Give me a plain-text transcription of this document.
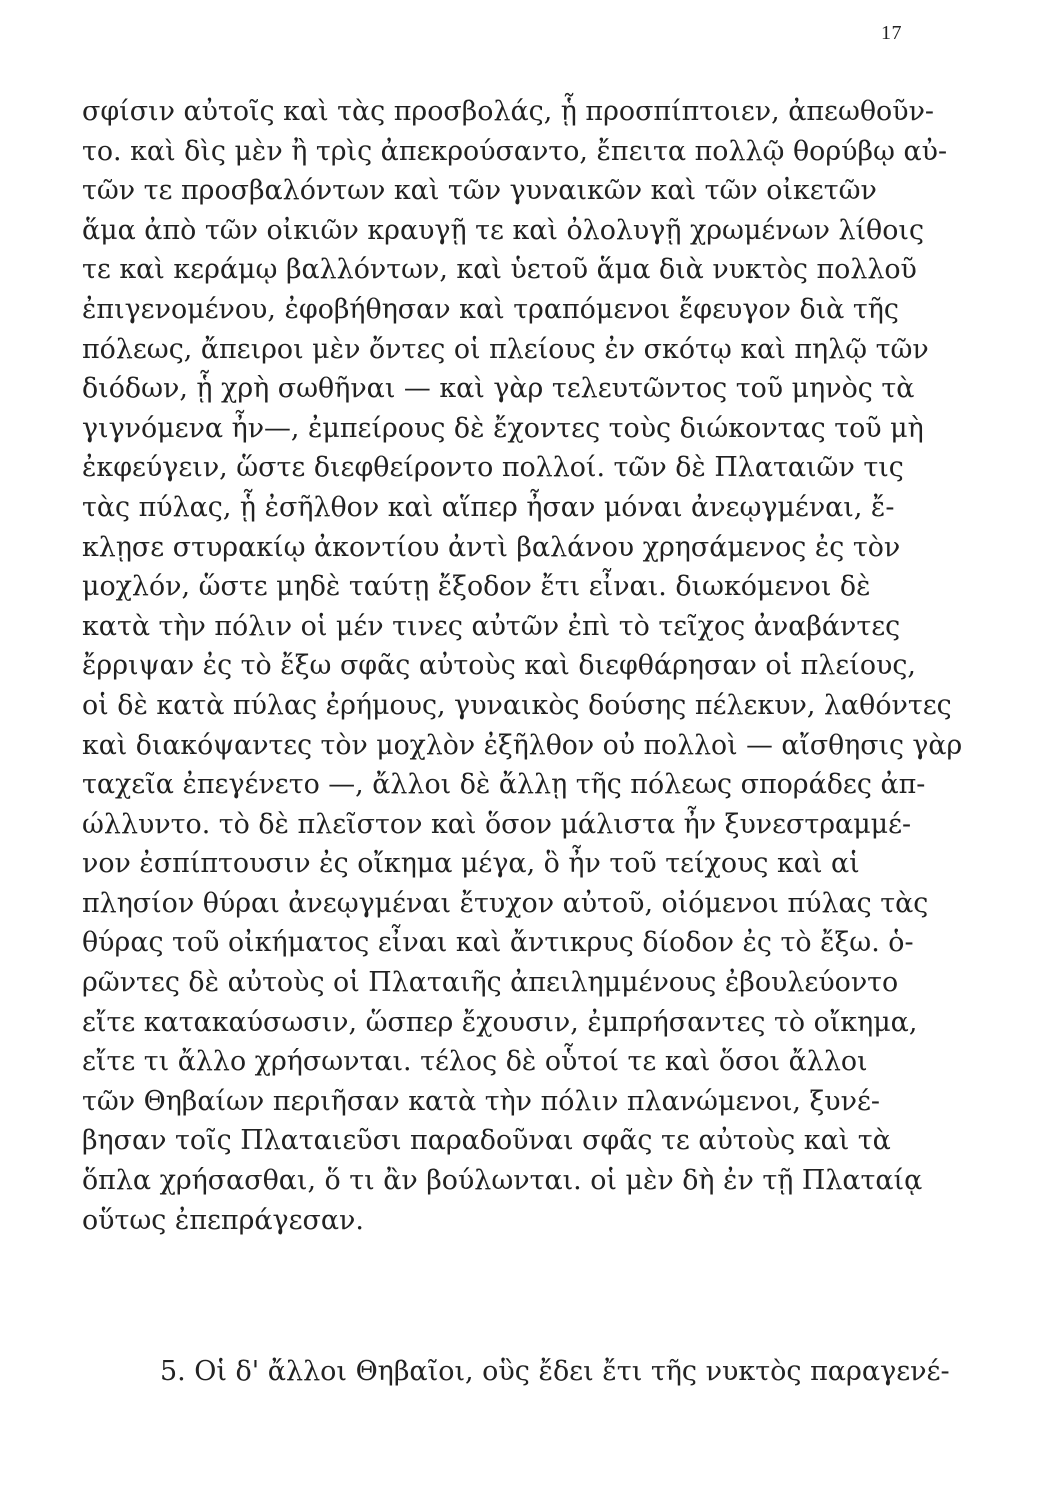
17
σφίσιν αὐτοῖς καὶ τὰς προσβολάς, ᾗ προσπίπτοιεν, ἀπεωθοῦν-
το. καὶ δὶς μὲν ἢ τρὶς ἀπεκρούσαντο, ἔπειτα πολλῷ θορύβῳ αὐ-
τῶν τε προσβαλόντων καὶ τῶν γυναικῶν καὶ τῶν οἰκετῶν
ἅμα ἀπὸ τῶν οἰκιῶν κραυγῇ τε καὶ ὀλολυγῇ χρωμένων λίθοις
τε καὶ κεράμῳ βαλλόντων, καὶ ὑετοῦ ἅμα διὰ νυκτὸς πολλοῦ
ἐπιγενομένου, ἐφοβήθησαν καὶ τραπόμενοι ἔφευγον διὰ τῆς
πόλεως, ἄπειροι μὲν ὄντες οἱ πλείους ἐν σκότῳ καὶ πηλῷ τῶν
διόδων, ᾗ χρὴ σωθῆναι — καὶ γὰρ τελευτῶντος τοῦ μηνὸς τὰ
γιγνόμενα ἦν—, ἐμπείρους δὲ ἔχοντες τοὺς διώκοντας τοῦ μὴ
ἐκφεύγειν, ὥστε διεφθείροντο πολλοί. τῶν δὲ Πλαταιῶν τις
τὰς πύλας, ᾗ ἐσῆλθον καὶ αἵπερ ἦσαν μόναι ἀνεῳγμέναι, ἔ-
κλῃσε στυρακίῳ ἀκοντίου ἀντὶ βαλάνου χρησάμενος ἐς τὸν
μοχλόν, ὥστε μηδὲ ταύτῃ ἔξοδον ἔτι εἶναι. διωκόμενοι δὲ
κατὰ τὴν πόλιν οἱ μέν τινες αὐτῶν ἐπὶ τὸ τεῖχος ἀναβάντες
ἔρριψαν ἐς τὸ ἔξω σφᾶς αὐτοὺς καὶ διεφθάρησαν οἱ πλείους,
οἱ δὲ κατὰ πύλας ἐρήμους, γυναικὸς δούσης πέλεκυν, λαθόντες
καὶ διακόψαντες τὸν μοχλὸν ἐξῆλθον οὐ πολλοὶ — αἴσθησις γὰρ
ταχεῖα ἐπεγένετο —, ἄλλοι δὲ ἄλλῃ τῆς πόλεως σποράδες ἀπ-
ώλλυντο. τὸ δὲ πλεῖστον καὶ ὅσον μάλιστα ἦν ξυνεστραμμέ-
νον ἐσπίπτουσιν ἐς οἴκημα μέγα, ὃ ἦν τοῦ τείχους καὶ αἱ
πλησίον θύραι ἀνεῳγμέναι ἔτυχον αὐτοῦ, οἰόμενοι πύλας τὰς
θύρας τοῦ οἰκήματος εἶναι καὶ ἄντικρυς δίοδον ἐς τὸ ἔξω. ὁ-
ρῶντες δὲ αὐτοὺς οἱ Πλαταιῆς ἀπειλημμένους ἐβουλεύοντο
εἴτε κατακαύσωσιν, ὥσπερ ἔχουσιν, ἐμπρήσαντες τὸ οἴκημα,
εἴτε τι ἄλλο χρήσωνται. τέλος δὲ οὗτοί τε καὶ ὅσοι ἄλλοι
τῶν Θηβαίων περιῆσαν κατὰ τὴν πόλιν πλανώμενοι, ξυνέ-
βησαν τοῖς Πλαταιεῦσι παραδοῦναι σφᾶς τε αὐτοὺς καὶ τὰ
ὅπλα χρήσασθαι, ὅ τι ἂν βούλωνται. οἱ μὲν δὴ ἐν τῇ Πλαταίᾳ
οὕτως ἐπεπράγεσαν.
5. Οἱ δ' ἄλλοι Θηβαῖοι, οὓς ἔδει ἔτι τῆς νυκτὸς παραγενέ-
